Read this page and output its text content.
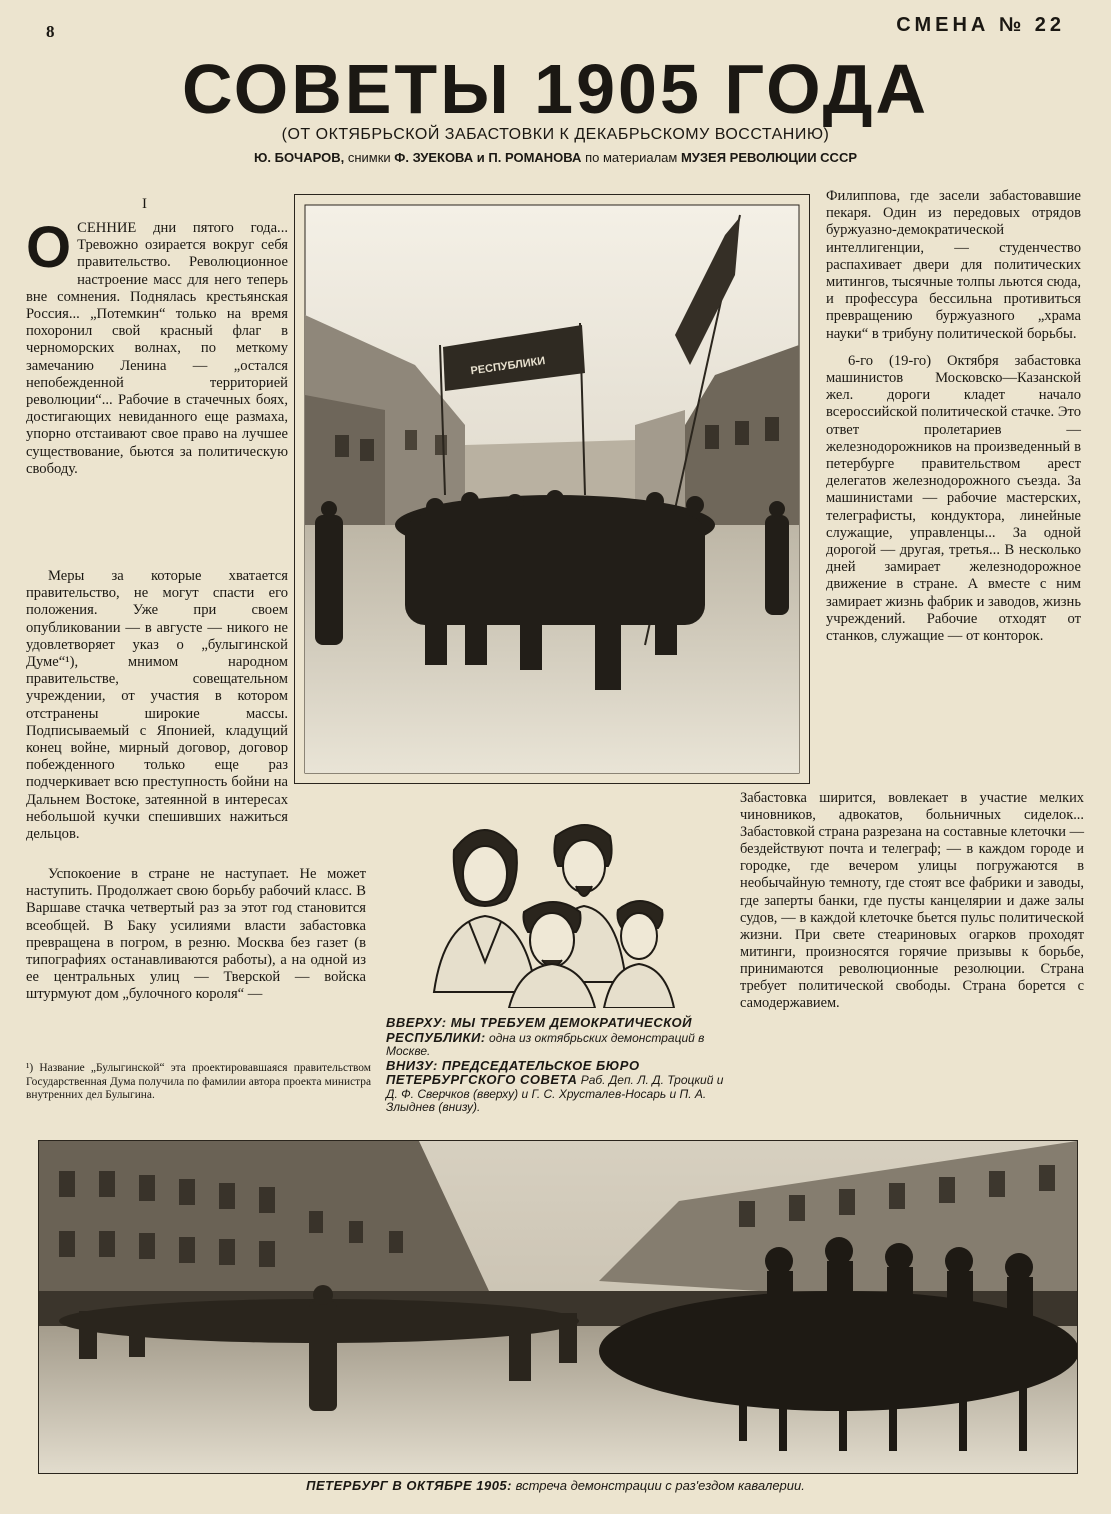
8	СМЕНА № 22
СОВЕТЫ 1905 ГОДА
(ОТ ОКТЯБРЬСКОЙ ЗАБАСТОВКИ К ДЕКАБРЬСКОМУ ВОССТАНИЮ)
Ю. БОЧАРОВ, снимки Ф. ЗУЕКОВА и П. РОМАНОВА по материалам МУЗЕЯ РЕВОЛЮЦИИ СССР
I

ОСЕННИЕ дни пятого года... Тревожно озирается вокруг себя правительство. Революционное настроение масс для него теперь вне сомнения. Поднялась крестьянская Россия... „Потемкин“ только на время похоронил свой красный флаг в черноморских волнах, по меткому замечанию Ленина — „остался непобежденной территорией революции“... Рабочие в стачечных боях, достигающих невиданного еще размаха, упорно отстаивают свое право на лучшее существование, бьются за политическую свободу.

Меры за которые хватается правительство, не могут спасти его положения. Уже при своем опубликовании — в августе — никого не удовлетворяет указ о „булыгинской Думе“¹), мнимом народном правительстве, совещательном учреждении, от участия в котором отстранены широкие массы. Подписываемый с Японией, кладущий конец войне, мирный договор, договор побежденного только еще раз подчеркивает всю преступность бойни на Дальнем Востоке, затеянной в интересах небольшой кучки спешивших нажиться дельцов.

Успокоение в стране не наступает. Не может наступить. Продолжает свою борьбу рабочий класс. В Варшаве стачка четвертый раз за этот год становится всеобщей. В Баку усилиями власти забастовка превращена в погром, в резню. Москва без газет (в типографиях останавливаются работы), а на одной из ее центральных улиц — Тверской — войска штурмуют дом „булочного короля“ —

¹) Название „Булыгинской“ эта проектировавшаяся правительством Государственная Дума получила по фамилии автора проекта министра внутренних дел Булыгина.
РЕСПУБЛИКИ

Филиппова, где засели забастовавшие пекаря. Один из передовых отрядов буржуазно-демократической интеллигенции, — студенчество распахивает двери для политических митингов, тысячные толпы льются сюда, и профессура бессильна противиться превращению буржуазного „храма науки“ в трибуну политической борьбы.

6-го (19-го) Октября забастовка машинистов Московско—Казанской жел. дороги кладет начало всероссийской политической стачке. Это ответ пролетариев — железнодорожников на произведенный в петербурге правительством арест делегатов железнодорожного съезда. За машинистами — рабочие мастерских, телеграфисты, кондуктора, линейные служащие, управленцы... За одной дорогой — другая, третья... В несколько дней замирает железнодорожное движение в стране. А вместе с ним замирает жизнь фабрик и заводов, жизнь учреждений. Рабочие отходят от станков, служащие — от конторок.

ВВЕРХУ: МЫ ТРЕБУЕМ ДЕМОКРАТИЧЕСКОЙ РЕСПУБЛИКИ: одна из октябрьских демонстраций в Москве.
ВНИЗУ: ПРЕДСЕДАТЕЛЬСКОЕ БЮРО ПЕТЕРБУРГСКОГО СОВЕТА Раб. Деп. Л. Д. Троцкий и Д. Ф. Сверчков (вверху) и Г. С. Хрусталев-Носарь и П. А. Злыднев (внизу).
Забастовка ширится, вовлекает в участие мелких чиновников, адвокатов, больничных сиделок... Забастовкой страна разрезана на составные клеточки — бездействуют почта и телеграф; — в каждом городе и городке, где вечером улицы погружаются в необычайную темноту, где стоят все фабрики и заводы, где заперты банки, где пусты канцелярии и даже залы судов, — в каждой клеточке бьется пульс политической жизни. При свете стеариновых огарков проходят митинги, произносятся горячие призывы к борьбе, принимаются революционные резолюции. Страна требует политической свободы. Страна борется с самодержавием.
ПЕТЕРБУРГ В ОКТЯБРЕ 1905: встреча демонстрации с раз'ездом кавалерии.
